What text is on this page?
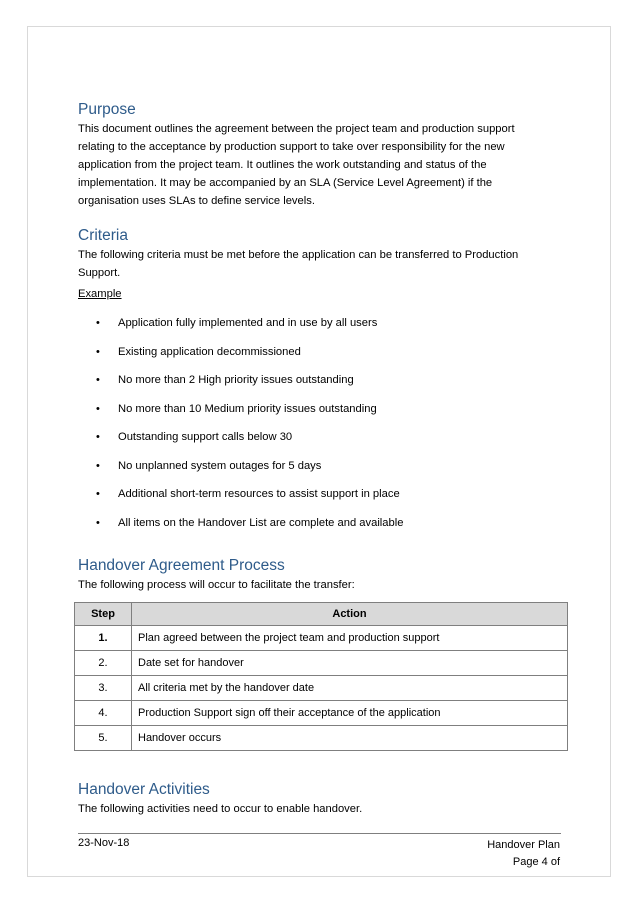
Purpose

This document outlines the agreement between the project team and production support

relating to the acceptance by production support to take over responsibility for the new

application from the project team. It outlines the work outstanding and status of the

implementation. It may be accompanied by an SLA (Service Level Agreement) if the

organisation uses SLAs to define service levels.

Criteria

The following criteria must be met before the application can be transferred to Production

Support.

Example
• Application fully implemented and in use by all users
• Existing application decommissioned
• No more than 2 High priority issues outstanding
• No more than 10 Medium priority issues outstanding
• Outstanding support calls below 30
• No unplanned system outages for 5 days
• Additional short-term resources to assist support in place
• All items on the Handover List are complete and available
Handover Agreement Process

The following process will occur to facilitate the transfer:

Step	Action
1.	Plan agreed between the project team and production support
2.	Date set for handover
3.	All criteria met by the handover date
4.	Production Support sign off their acceptance of the application
5.	Handover occurs
Handover Activities

The following activities need to occur to enable handover.

23-Nov-18	Handover Plan
Page 4 of
